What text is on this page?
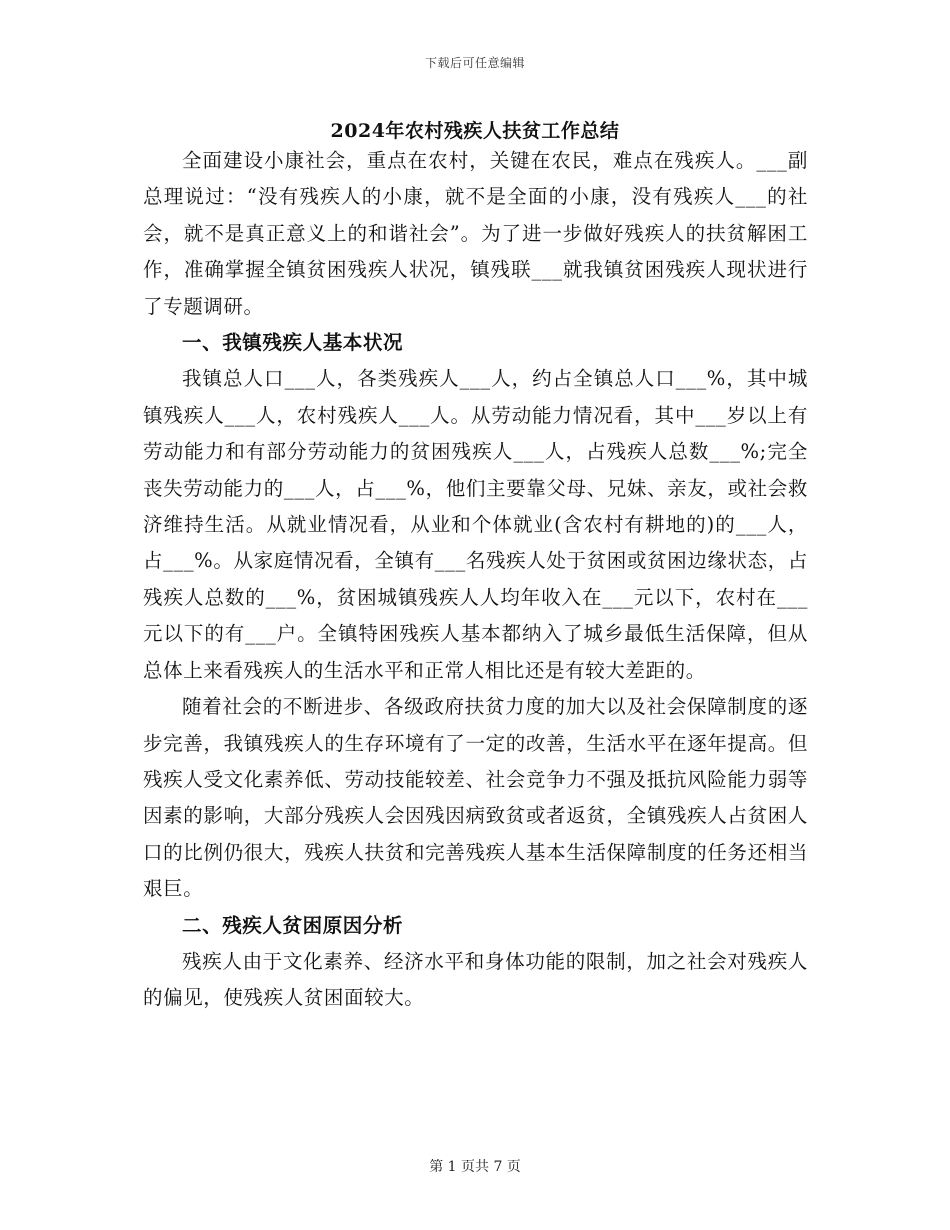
下载后可任意编辑
2024年农村残疾人扶贫工作总结

全面建设小康社会，重点在农村，关键在农民，难点在残疾人。___副总理说过：“没有残疾人的小康，就不是全面的小康，没有残疾人___的社会，就不是真正意义上的和谐社会”。为了进一步做好残疾人的扶贫解困工作，准确掌握全镇贫困残疾人状况，镇残联___就我镇贫困残疾人现状进行了专题调研。

一、我镇残疾人基本状况

我镇总人口___人，各类残疾人___人，约占全镇总人口___%，其中城镇残疾人___人，农村残疾人___人。从劳动能力情况看，其中___岁以上有劳动能力和有部分劳动能力的贫困残疾人___人，占残疾人总数___%;完全丧失劳动能力的___人，占___%，他们主要靠父母、兄妹、亲友，或社会救济维持生活。从就业情况看，从业和个体就业(含农村有耕地的)的___人，占___%。从家庭情况看，全镇有___名残疾人处于贫困或贫困边缘状态，占残疾人总数的___%，贫困城镇残疾人人均年收入在___元以下，农村在___元以下的有___户。全镇特困残疾人基本都纳入了城乡最低生活保障，但从总体上来看残疾人的生活水平和正常人相比还是有较大差距的。

随着社会的不断进步、各级政府扶贫力度的加大以及社会保障制度的逐步完善，我镇残疾人的生存环境有了一定的改善，生活水平在逐年提高。但残疾人受文化素养低、劳动技能较差、社会竞争力不强及抵抗风险能力弱等因素的影响，大部分残疾人会因残因病致贫或者返贫，全镇残疾人占贫困人口的比例仍很大，残疾人扶贫和完善残疾人基本生活保障制度的任务还相当艰巨。

二、残疾人贫困原因分析

残疾人由于文化素养、经济水平和身体功能的限制，加之社会对残疾人的偏见，使残疾人贫困面较大。

第 1 页共 7 页
